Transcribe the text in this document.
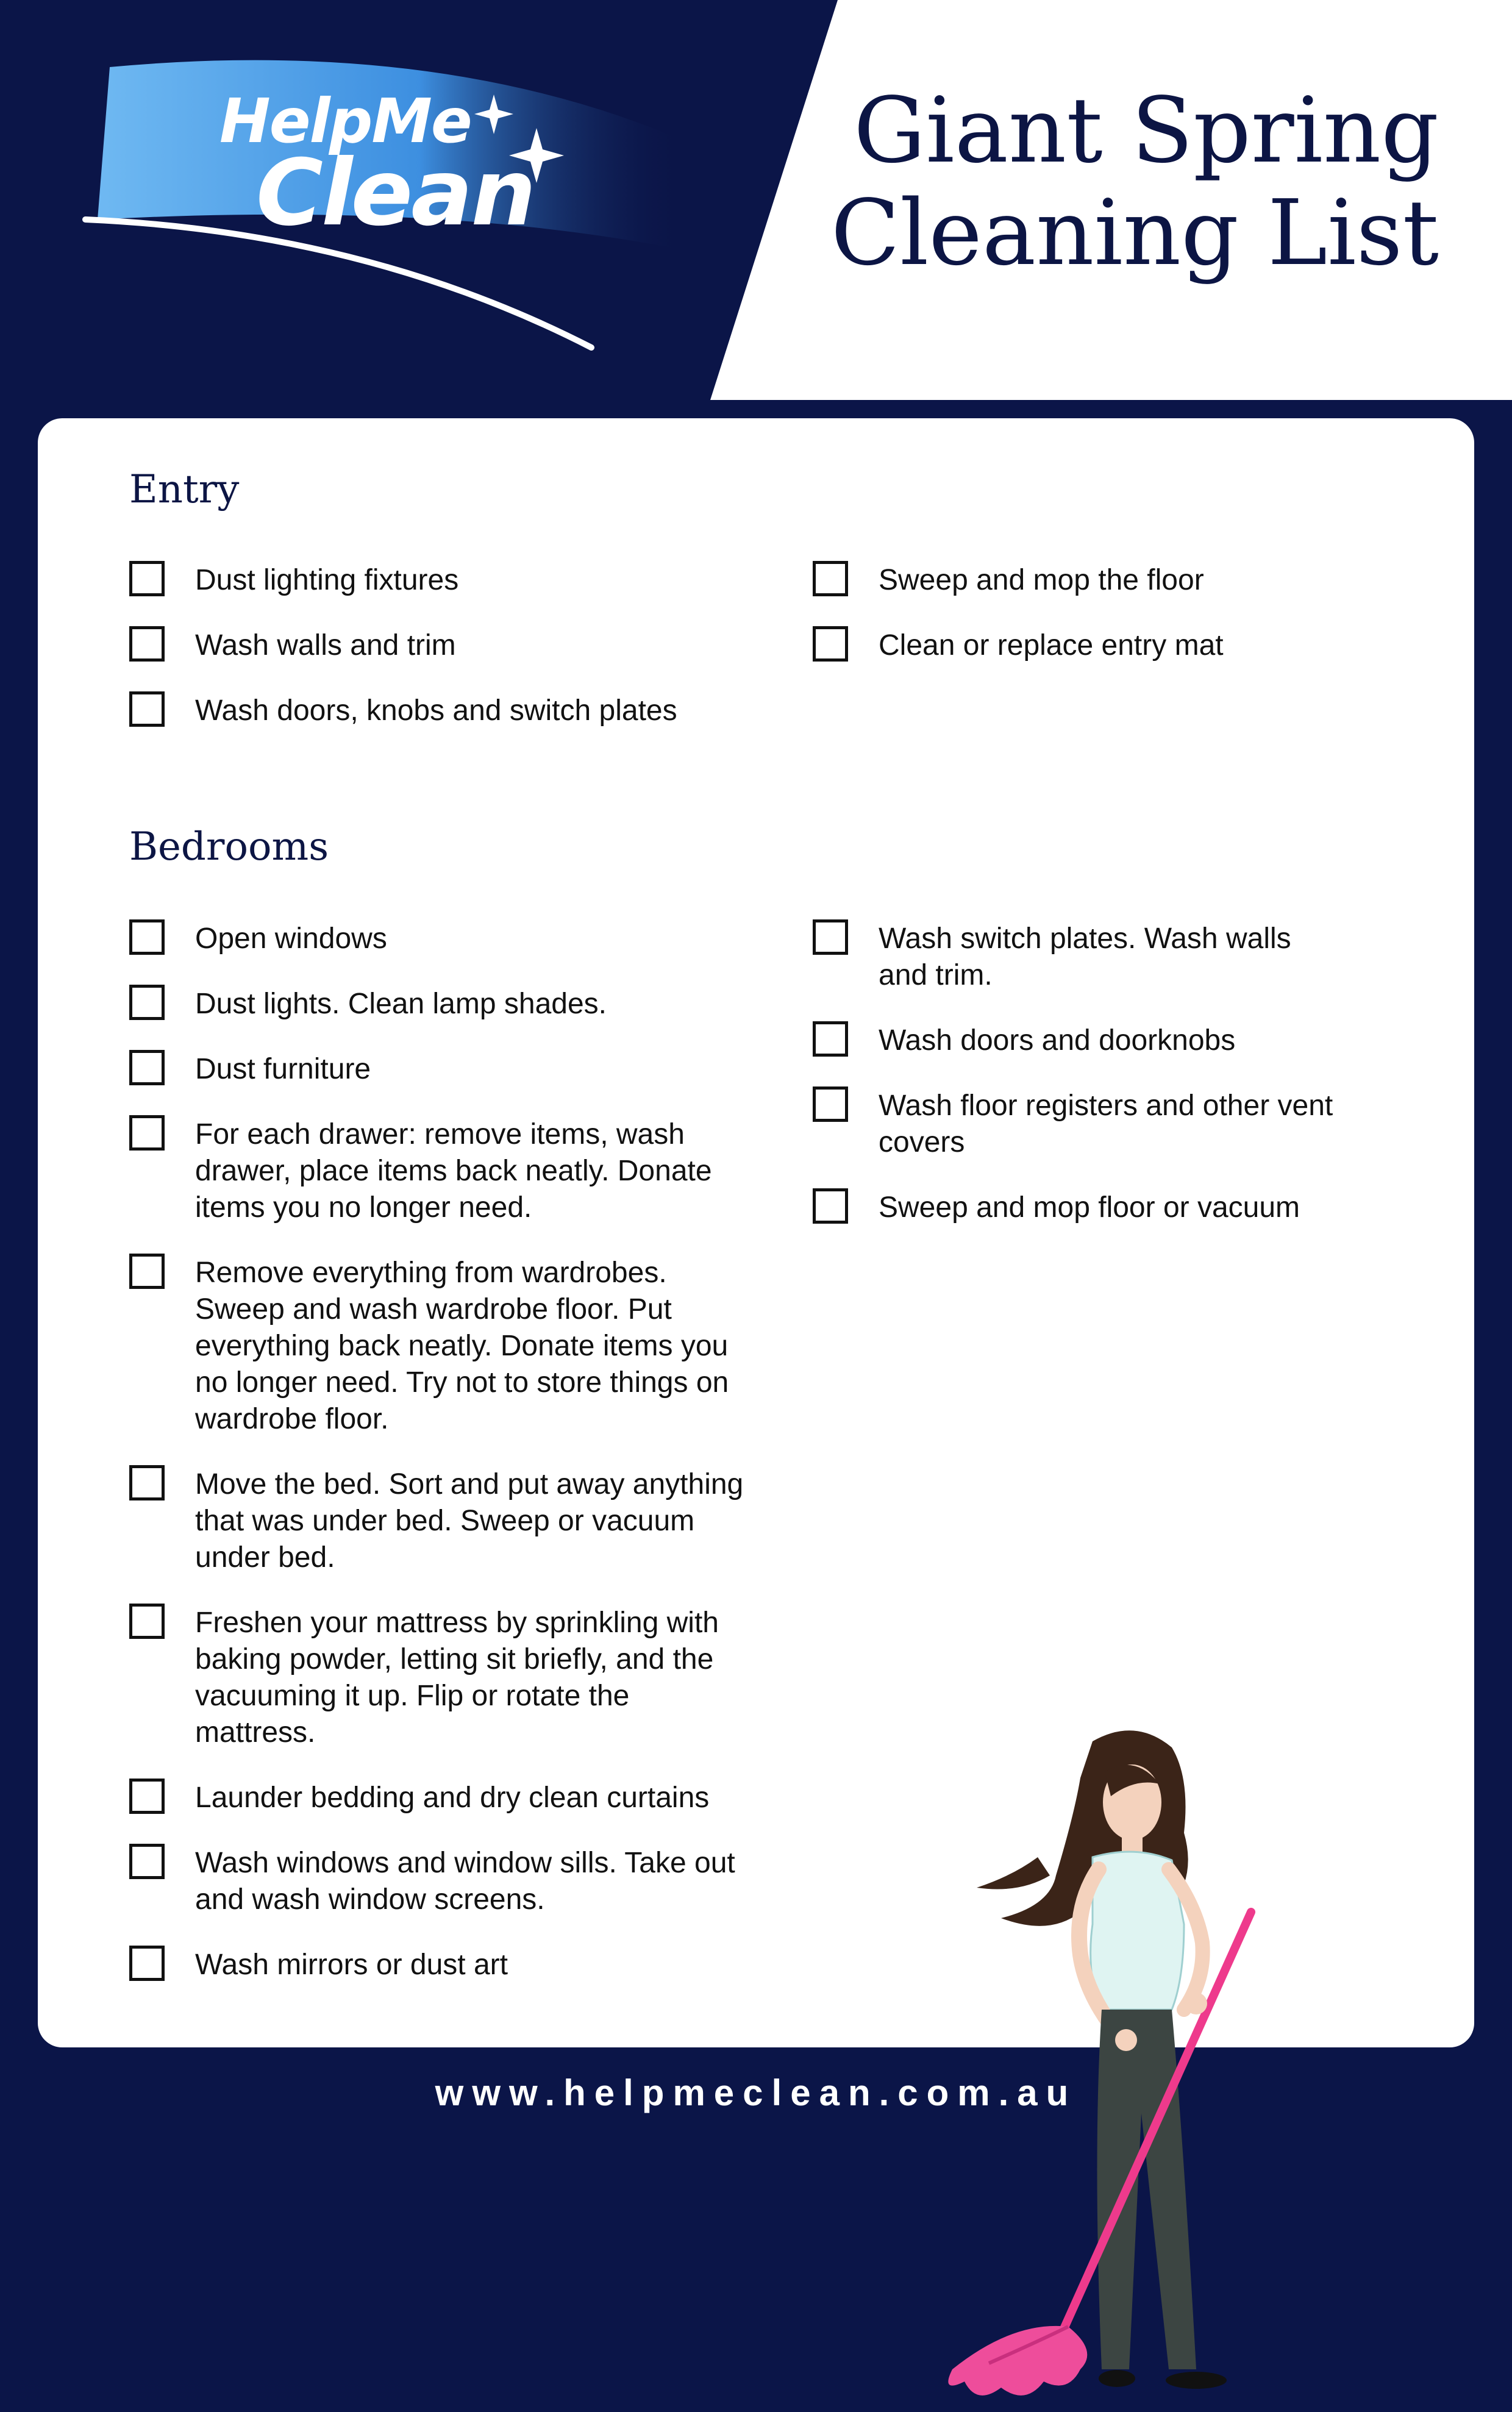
HelpMe
Clean
Giant Spring
Cleaning List
Entry
Dust lighting fixtures
Wash walls and trim
Wash doors, knobs and switch plates
Sweep and mop the floor
Clean or replace entry mat
Bedrooms
Open windows
Dust lights. Clean lamp shades.
Dust furniture
For each drawer: remove items, wash drawer, place items back neatly. Donate items you no longer need.
Remove everything from wardrobes. Sweep and wash wardrobe floor. Put everything back neatly. Donate items you no longer need. Try not to store things on wardrobe floor.
Move the bed. Sort and put away anything that was under bed. Sweep or vacuum under bed.
Freshen your mattress by sprinkling with baking powder, letting sit briefly, and the vacuuming it up. Flip or rotate the mattress.
Launder bedding and dry clean curtains
Wash windows and window sills. Take out and wash window screens.
Wash mirrors or dust art
Wash switch plates. Wash walls and trim.
Wash doors and doorknobs
Wash floor registers and other vent covers
Sweep and mop floor or vacuum
www.helpmeclean.com.au
